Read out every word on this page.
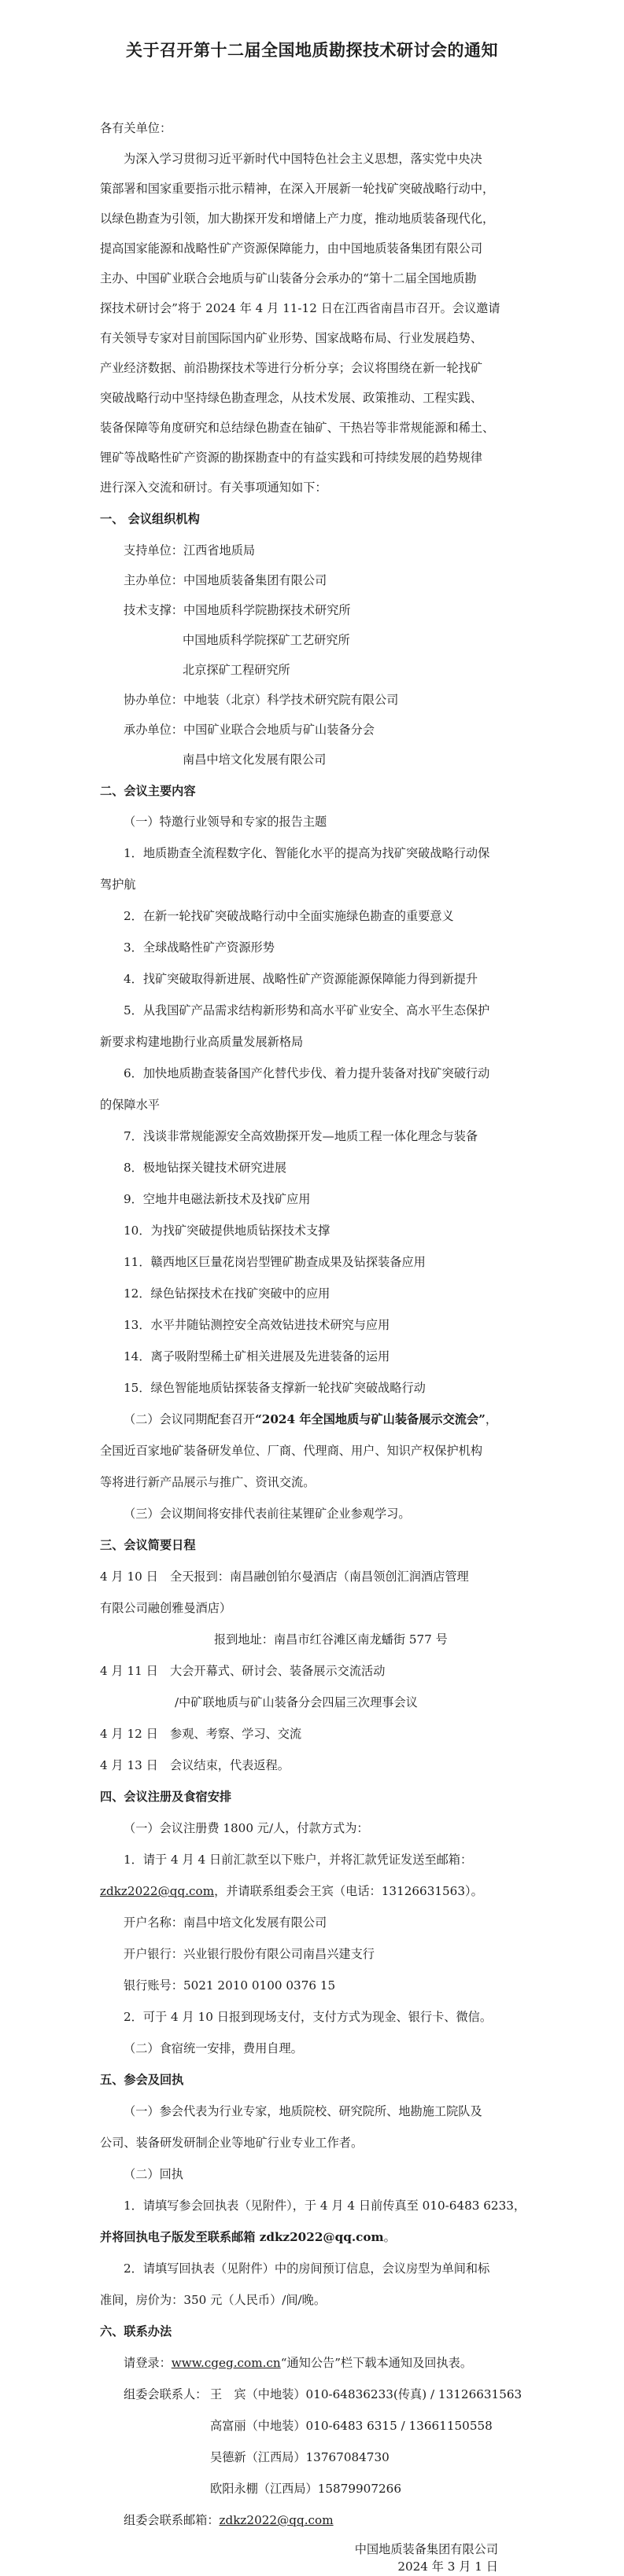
关于召开第十二届全国地质勘探技术研讨会的通知
各有关单位：
为深入学习贯彻习近平新时代中国特色社会主义思想，落实党中央决
策部署和国家重要指示批示精神，在深入开展新一轮找矿突破战略行动中，
以绿色勘查为引领，加大勘探开发和增储上产力度，推动地质装备现代化，
提高国家能源和战略性矿产资源保障能力，由中国地质装备集团有限公司
主办、中国矿业联合会地质与矿山装备分会承办的“第十二届全国地质勘
探技术研讨会”将于 2024 年 4 月 11-12 日在江西省南昌市召开。会议邀请
有关领导专家对目前国际国内矿业形势、国家战略布局、行业发展趋势、
产业经济数据、前沿勘探技术等进行分析分享；会议将围绕在新一轮找矿
突破战略行动中坚持绿色勘查理念，从技术发展、政策推动、工程实践、
装备保障等角度研究和总结绿色勘查在铀矿、干热岩等非常规能源和稀土、
锂矿等战略性矿产资源的勘探勘查中的有益实践和可持续发展的趋势规律
进行深入交流和研讨。有关事项通知如下：
一、 会议组织机构
支持单位：江西省地质局
主办单位：中国地质装备集团有限公司
技术支撑：中国地质科学院勘探技术研究所
中国地质科学院探矿工艺研究所
北京探矿工程研究所
协办单位：中地装（北京）科学技术研究院有限公司
承办单位：中国矿业联合会地质与矿山装备分会
南昌中培文化发展有限公司
二、会议主要内容
（一）特邀行业领导和专家的报告主题
1．地质勘查全流程数字化、智能化水平的提高为找矿突破战略行动保
驾护航
2．在新一轮找矿突破战略行动中全面实施绿色勘查的重要意义
3．全球战略性矿产资源形势
4．找矿突破取得新进展、战略性矿产资源能源保障能力得到新提升
5．从我国矿产品需求结构新形势和高水平矿业安全、高水平生态保护
新要求构建地勘行业高质量发展新格局
6．加快地质勘查装备国产化替代步伐、着力提升装备对找矿突破行动
的保障水平
7．浅谈非常规能源安全高效勘探开发—地质工程一体化理念与装备
8．极地钻探关键技术研究进展
9．空地井电磁法新技术及找矿应用
10．为找矿突破提供地质钻探技术支撑
11．赣西地区巨量花岗岩型锂矿勘查成果及钻探装备应用
12．绿色钻探技术在找矿突破中的应用
13．水平井随钻测控安全高效钻进技术研究与应用
14．离子吸附型稀土矿相关进展及先进装备的运用
15．绿色智能地质钻探装备支撑新一轮找矿突破战略行动
（二）会议同期配套召开“2024 年全国地质与矿山装备展示交流会”，
全国近百家地矿装备研发单位、厂商、代理商、用户、知识产权保护机构
等将进行新产品展示与推广、资讯交流。
（三）会议期间将安排代表前往某锂矿企业参观学习。
三、会议简要日程
4 月 10 日　全天报到：南昌融创铂尔曼酒店（南昌领创汇润酒店管理
有限公司融创雅曼酒店）
报到地址：南昌市红谷滩区南龙蟠街 577 号
4 月 11 日　大会开幕式、研讨会、装备展示交流活动
/中矿联地质与矿山装备分会四届三次理事会议
4 月 12 日　参观、考察、学习、交流
4 月 13 日　会议结束，代表返程。
四、会议注册及食宿安排
（一）会议注册费 1800 元/人，付款方式为：
1．请于 4 月 4 日前汇款至以下账户，并将汇款凭证发送至邮箱：
zdkz2022@qq.com，并请联系组委会王宾（电话：13126631563）。
开户名称：南昌中培文化发展有限公司
开户银行：兴业银行股份有限公司南昌兴建支行
银行账号：5021 2010 0100 0376 15
2．可于 4 月 10 日报到现场支付，支付方式为现金、银行卡、微信。
（二）食宿统一安排，费用自理。
五、参会及回执
（一）参会代表为行业专家，地质院校、研究院所、地勘施工院队及
公司、装备研发研制企业等地矿行业专业工作者。
（二）回执
1．请填写参会回执表（见附件），于 4 月 4 日前传真至 010-6483 6233，
并将回执电子版发至联系邮箱 zdkz2022@qq.com。
2．请填写回执表（见附件）中的房间预订信息，会议房型为单间和标
准间，房价为：350 元（人民币）/间/晚。
六、联系办法
请登录：www.cgeg.com.cn“通知公告”栏下载本通知及回执表。
组委会联系人： 王　宾（中地装）010-64836233(传真) / 13126631563
高富丽（中地装）010-6483 6315 / 13661150558
吴德新（江西局）13767084730
欧阳永棚（江西局）15879907266
组委会联系邮箱：zdkz2022@qq.com
中国地质装备集团有限公司
2024 年 3 月 1 日
